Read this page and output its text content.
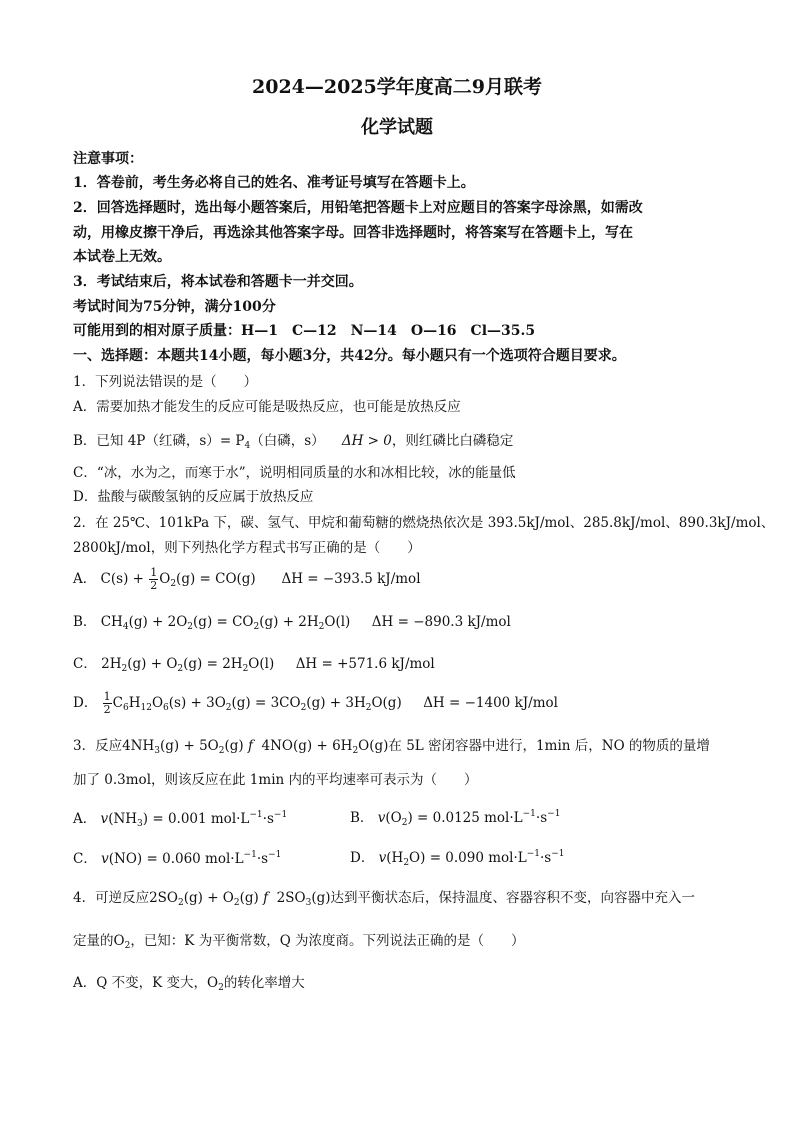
2024—2025学年度高二9月联考
化学试题
注意事项：
1．答卷前，考生务必将自己的姓名、准考证号填写在答题卡上。
2．回答选择题时，选出每小题答案后，用铅笔把答题卡上对应题目的答案字母涂黑，如需改
动，用橡皮擦干净后，再选涂其他答案字母。回答非选择题时，将答案写在答题卡上，写在
本试卷上无效。
3．考试结束后，将本试卷和答题卡一并交回。
考试时间为75分钟，满分100分
可能用到的相对原子质量：H—1　C—12　N—14　O—16　Cl—35.5
一、选择题：本题共14小题，每小题3分，共42分。每小题只有一个选项符合题目要求。
1．下列说法错误的是（　　）
A．需要加热才能发生的反应可能是吸热反应，也可能是放热反应
B．已知 4P（红磷，$s)= P_4$（白磷，s） ΔH > 0，则红磷比白磷稳定
C．“冰，水为之，而寒于水”，说明相同质量的水和冰相比较，冰的能量低
D．盐酸与碳酸氢钠的反应属于放热反应
2．在 25℃、101kPa 下，碳、氢气、甲烷和葡萄糖的燃烧热依次是 393.5kJ/mol、285.8kJ/mol、890.3kJ/mol、
2800kJ/mol，则下列热化学方程式书写正确的是（　　）
A． $C(s) + \frac{1}{2} O_2(g) = CO(g) \Delta H = -393.5$ kJ/mol
B． $CH_4(g) + 2O_2(g) = CO_2(g) + 2H_2O(l) \Delta H = -890.3$ kJ/mol
C． $2H_2(g) + O_2(g) = 2H_2O(l) \Delta H = +571.6$ kJ/mol
D． $\frac{1}{2} C_6H_{12}O_6(s) + 3O_2(g) = 3CO_2(g) + 3H_2O(g) \Delta H = -1400$ kJ/mol
3．反应$4NH_3(g) + 5O_2(g)$ f  $4NO(g) + 6H_2O(g)$在 5L 密闭容器中进行，1min 后，NO 的物质的量增
加了 0.3mol，则该反应在此 1min 内的平均速率可表示为（　　）
A． $v(NH_3) = 0.001$ $mol\cdot L^{-1}\cdot s^{-1}$	B． $v(O_2) = 0.0125$ $mol\cdot L^{-1}\cdot s^{-1}$
C． v(NO) = 0.060 $mol\cdot L^{-1}\cdot s^{-1}$	D． $v(H_2O) = 0.090$ $mol\cdot L^{-1}\cdot s^{-1}$
4．可逆反应$2SO_2(g) + O_2(g)$ f  $2SO_3(g)$达到平衡状态后，保持温度、容器容积不变，向容器中充入一
定量的$O_2$，已知：K 为平衡常数，Q 为浓度商。下列说法正确的是（　　）
A．Q 不变，K 变大，$O_2$的转化率增大
